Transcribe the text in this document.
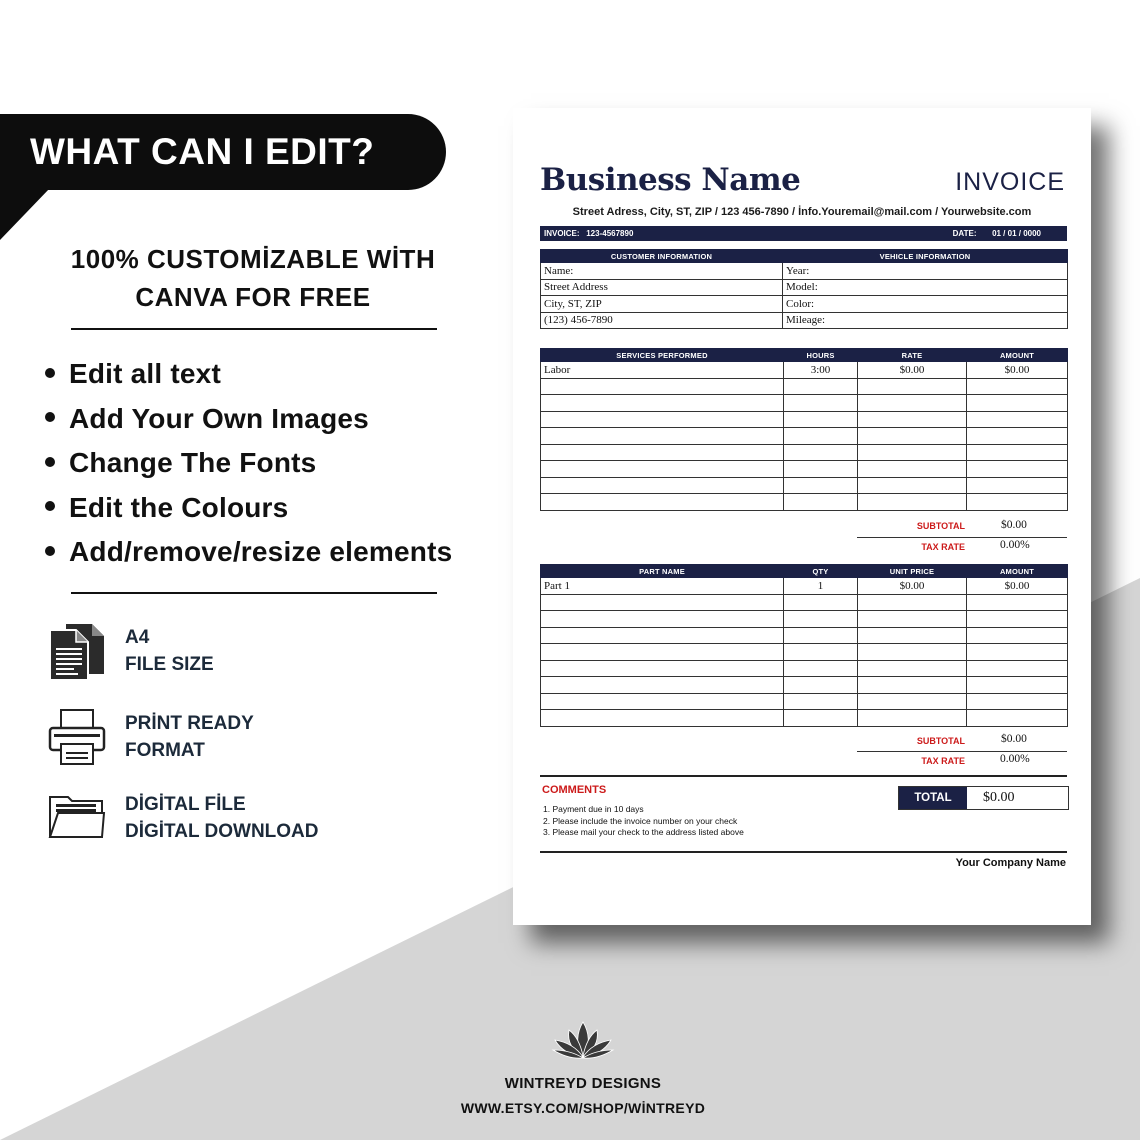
WHAT CAN I EDIT?
100% CUSTOMİZABLE WİTH
CANVA FOR FREE
Edit all text
Add Your Own Images
Change The Fonts
Edit the Colours
Add/remove/resize elements
A4
FILE SIZE
PRİNT READY
FORMAT
DİGİTAL FİLE
DİGİTAL DOWNLOAD
Business Name	INVOICE
Street Adress, City, ST, ZIP / 123 456-7890 / İnfo.Youremail@mail.com / Yourwebsite.com
INVOICE: 123-4567890	DATE: 01 / 01 / 0000
CUSTOMER INFORMATION	VEHICLE INFORMATION
Name:	Year:
Street Address	Model:
City, ST, ZIP	Color:
(123) 456-7890	Mileage:
SERVICES PERFORMED	HOURS	RATE	AMOUNT
Labor	3:00	$0.00	$0.00

SUBTOTAL	$0.00
TAX RATE	0.00%
PART NAME	QTY	UNIT PRICE	AMOUNT
Part 1	1	$0.00	$0.00

SUBTOTAL	$0.00
TAX RATE	0.00%
COMMENTS
1. Payment due in 10 days
2. Please include the invoice number on your check
3. Please mail your check to the address listed above
TOTAL	$0.00
Your Company Name
WINTREYD DESIGNS
WWW.ETSY.COM/SHOP/WİNTREYD
